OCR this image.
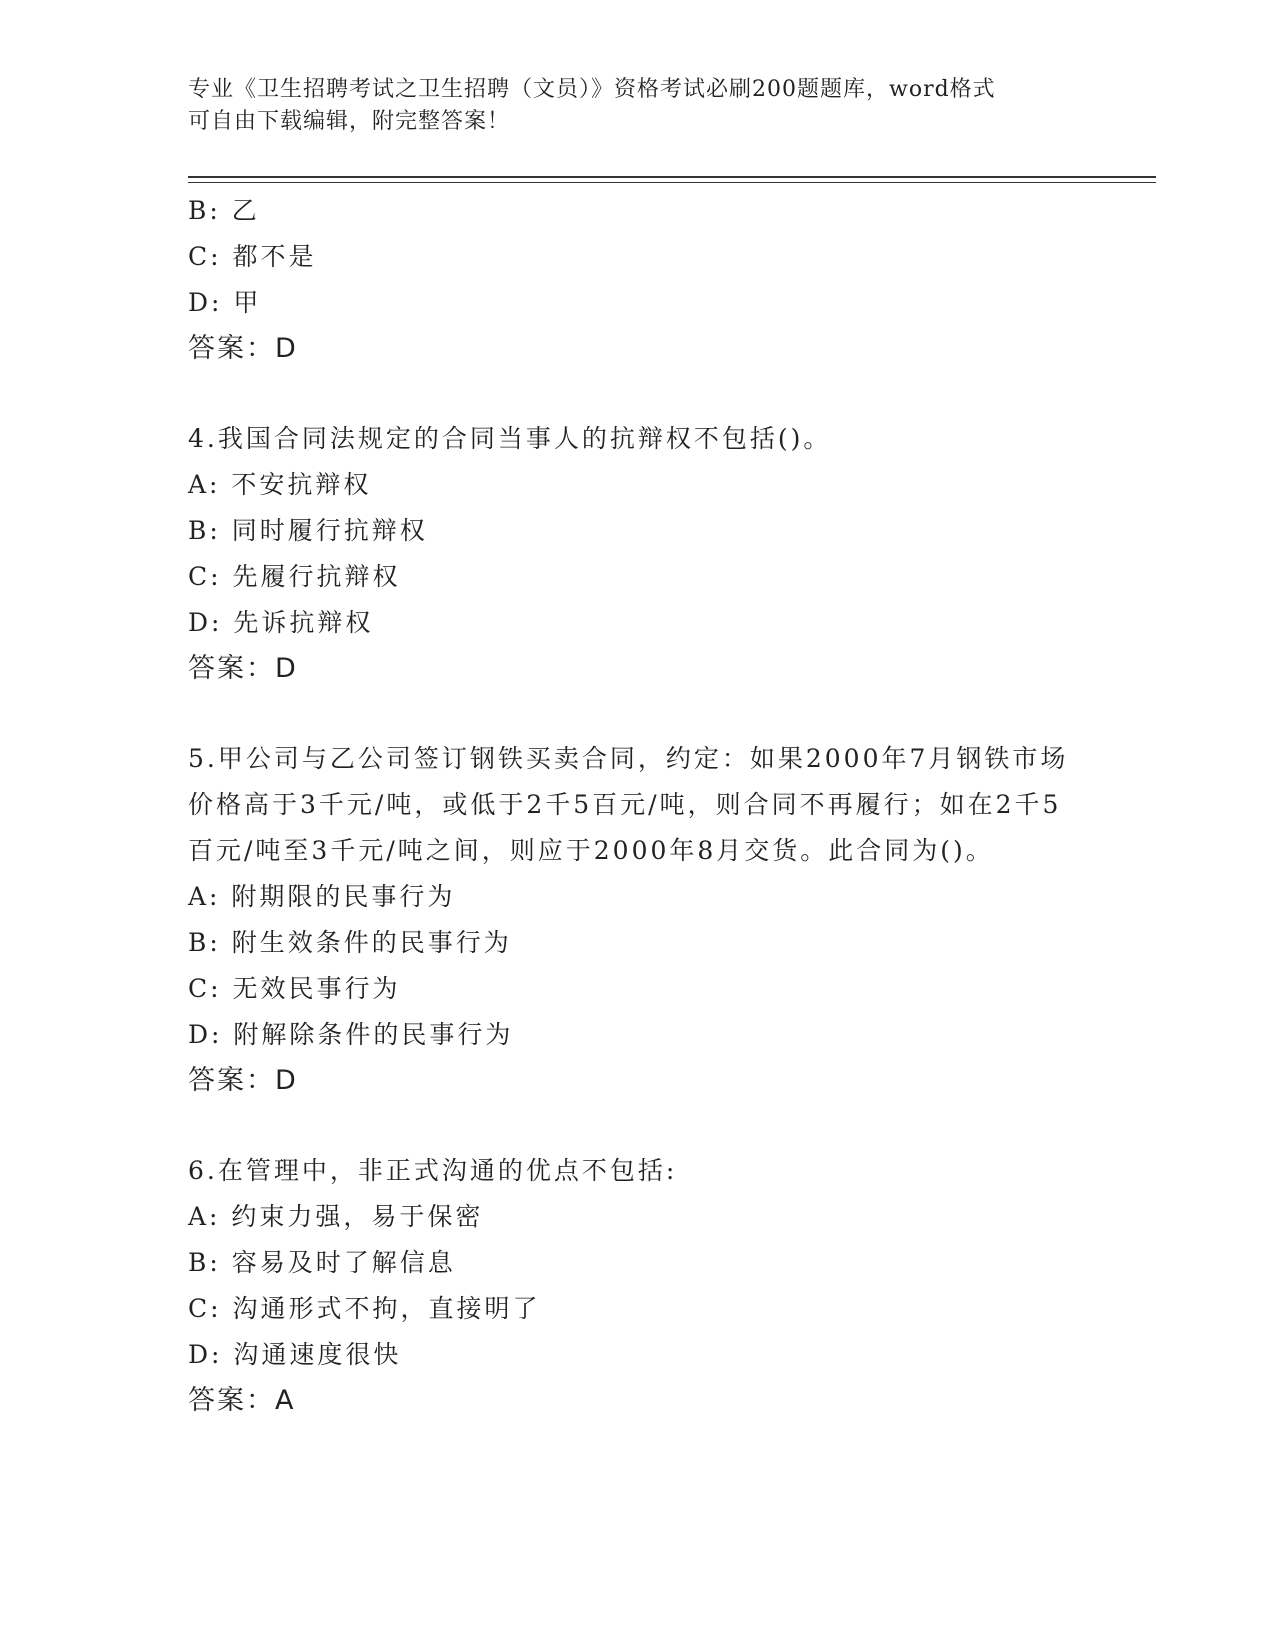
专业《卫生招聘考试之卫生招聘（文员）》资格考试必刷200题题库，word格式
可自由下载编辑，附完整答案！
B: 乙
C: 都不是
D: 甲
答案：D
4.我国合同法规定的合同当事人的抗辩权不包括()。
A: 不安抗辩权
B: 同时履行抗辩权
C: 先履行抗辩权
D: 先诉抗辩权
答案：D
5.甲公司与乙公司签订钢铁买卖合同，约定：如果2000年7月钢铁市场价格高于3千元/吨，或低于2千5百元/吨，则合同不再履行；如在2千5百元/吨至3千元/吨之间，则应于2000年8月交货。此合同为()。
A: 附期限的民事行为
B: 附生效条件的民事行为
C: 无效民事行为
D: 附解除条件的民事行为
答案：D
6.在管理中，非正式沟通的优点不包括:
A: 约束力强，易于保密
B: 容易及时了解信息
C: 沟通形式不拘，直接明了
D: 沟通速度很快
答案：A
